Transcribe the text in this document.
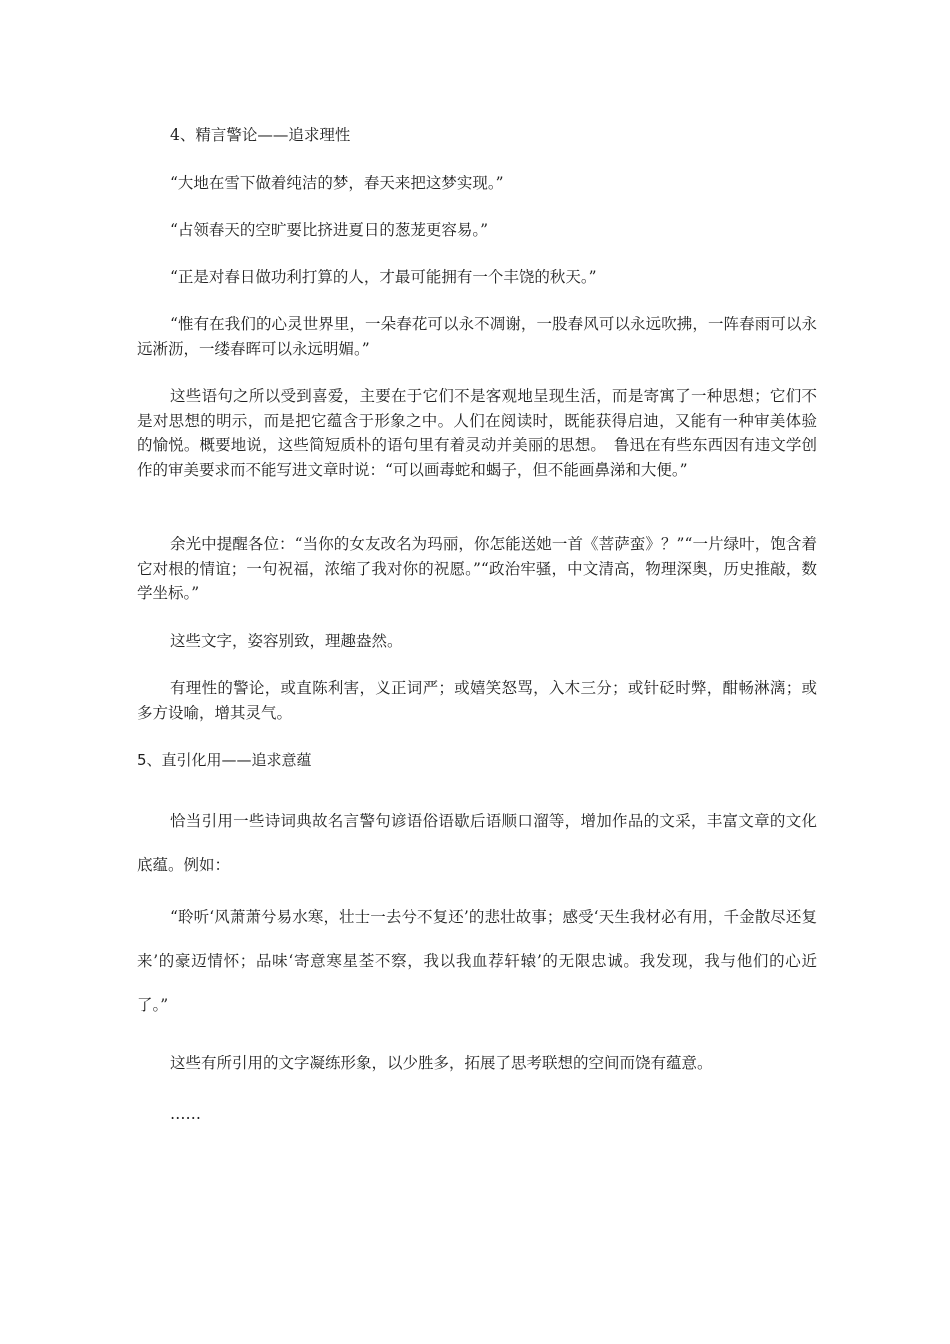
4、精言警论——追求理性

“大地在雪下做着纯洁的梦，春天来把这梦实现。”

“占领春天的空旷要比挤进夏日的葱茏更容易。”

“正是对春日做功利打算的人，才最可能拥有一个丰饶的秋天。”

“惟有在我们的心灵世界里，一朵春花可以永不凋谢，一股春风可以永远吹拂，一阵春雨可以永远淅沥，一缕春晖可以永远明媚。”

这些语句之所以受到喜爱，主要在于它们不是客观地呈现生活，而是寄寓了一种思想；它们不是对思想的明示，而是把它蕴含于形象之中。人们在阅读时，既能获得启迪，又能有一种审美体验的愉悦。概要地说，这些简短质朴的语句里有着灵动并美丽的思想。　鲁迅在有些东西因有违文学创作的审美要求而不能写进文章时说：“可以画毒蛇和蝎子，但不能画鼻涕和大便。”

余光中提醒各位：“当你的女友改名为玛丽，你怎能送她一首《菩萨蛮》？”“一片绿叶，饱含着它对根的情谊；一句祝福，浓缩了我对你的祝愿。”“政治牢骚，中文清高，物理深奥，历史推敲，数学坐标。”

这些文字，姿容别致，理趣盎然。

有理性的警论，或直陈利害，义正词严；或嬉笑怒骂，入木三分；或针砭时弊，酣畅淋漓；或多方设喻，增其灵气。

5、直引化用——追求意蕴

恰当引用一些诗词典故名言警句谚语俗语歇后语顺口溜等，增加作品的文采，丰富文章的文化底蕴。例如：

“聆听‘风萧萧兮易水寒，壮士一去兮不复还’的悲壮故事；感受‘天生我材必有用，千金散尽还复来’的豪迈情怀；品味‘寄意寒星荃不察，我以我血荐轩辕’的无限忠诚。我发现，我与他们的心近了。”

这些有所引用的文字凝练形象，以少胜多，拓展了思考联想的空间而饶有蕴意。

……
